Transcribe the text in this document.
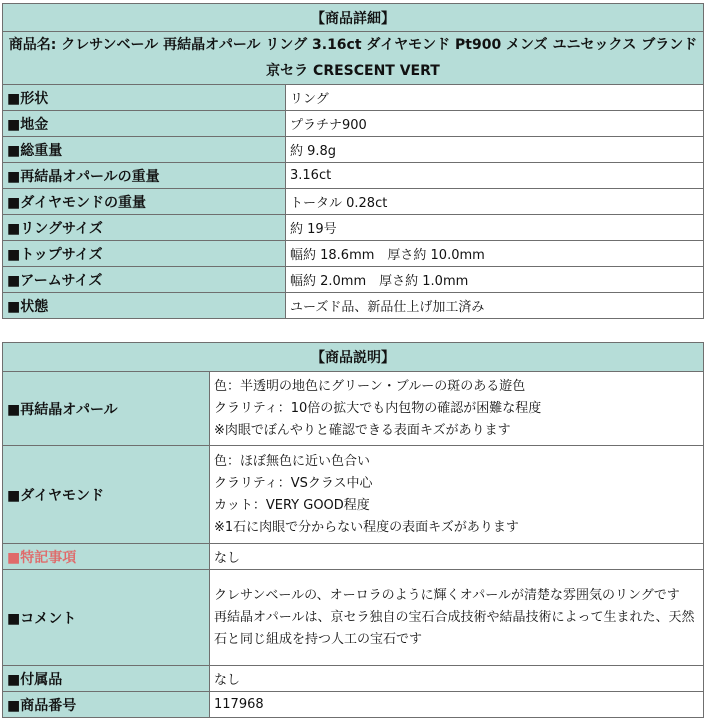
【商品詳細】	
商品名: クレサンベール 再結晶オパール リング 3.16ct ダイヤモンド Pt900 メンズ ユニセックス ブランド 京セラ CRESCENT VERT	
■形状	リング
■地金	プラチナ900
■総重量	約 9.8g
■再結晶オパールの重量	3.16ct
■ダイヤモンドの重量	トータル 0.28ct
■リングサイズ	約 19号
■トップサイズ	幅約 18.6mm　厚さ約 10.0mm
■アームサイズ	幅約 2.0mm　厚さ約 1.0mm
■状態	ユーズド品、新品仕上げ加工済み
【商品説明】	
■再結晶オパール	色：半透明の地色にグリーン・ブルーの斑のある遊色
クラリティ：10倍の拡大でも内包物の確認が困難な程度
※肉眼でぼんやりと確認できる表面キズがあります

■ダイヤモンド	色：ほぼ無色に近い色合い
クラリティ：VSクラス中心
カット：VERY GOOD程度
※1石に肉眼で分からない程度の表面キズがあります

■特記事項	なし
■コメント	クレサンベールの、オーロラのように輝くオパールが清楚な雰囲気のリングです
再結晶オパールは、京セラ独自の宝石合成技術や結晶技術によって生まれた、天然石と同じ組成を持つ人工の宝石です

■付属品	なし
■商品番号	117968
